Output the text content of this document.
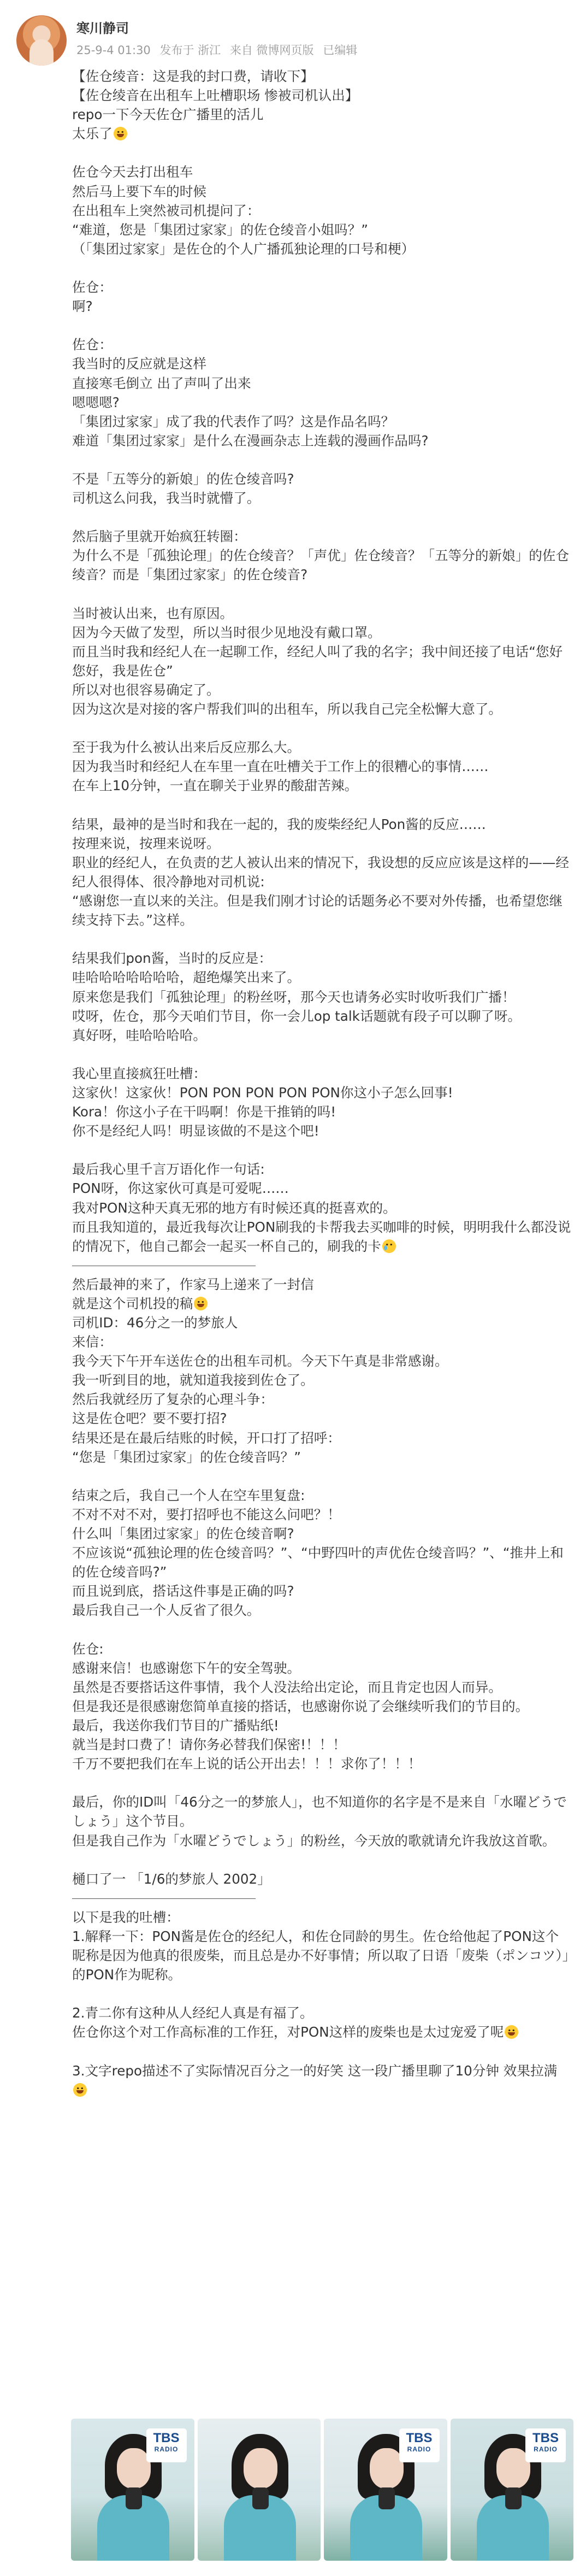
寒川静司
25-9-4 01:30 发布于 浙江 来自 微博网页版 已编辑
【佐仓绫音：这是我的封口费，请收下】
【佐仓绫音在出租车上吐槽职场 惨被司机认出】
repo一下今天佐仓广播里的活儿
太乐了
佐仓今天去打出租车
然后马上要下车的时候
在出租车上突然被司机提问了：
“难道，您是「集团过家家」的佐仓绫音小姐吗？”
（「集团过家家」是佐仓的个人广播孤独论理的口号和梗）
佐仓：
啊?
佐仓：
我当时的反应就是这样
直接寒毛倒立 出了声叫了出来
嗯嗯嗯?
「集团过家家」成了我的代表作了吗？这是作品名吗？
难道「集团过家家」是什么在漫画杂志上连载的漫画作品吗?
不是「五等分的新娘」的佐仓绫音吗?
司机这么问我，我当时就懵了。
然后脑子里就开始疯狂转圈：
为什么不是「孤独论理」的佐仓绫音？「声优」佐仓绫音？「五等分的新娘」的佐仓绫音？而是「集团过家家」的佐仓绫音?
当时被认出来，也有原因。
因为今天做了发型，所以当时很少见地没有戴口罩。
而且当时我和经纪人在一起聊工作，经纪人叫了我的名字；我中间还接了电话“您好您好，我是佐仓”
所以对也很容易确定了。
因为这次是对接的客户帮我们叫的出租车，所以我自己完全松懈大意了。
至于我为什么被认出来后反应那么大。
因为我当时和经纪人在车里一直在吐槽关于工作上的很糟心的事情……
在车上10分钟，一直在聊关于业界的酸甜苦辣。
结果，最神的是当时和我在一起的，我的废柴经纪人Pon酱的反应……
按理来说，按理来说呀。
职业的经纪人，在负责的艺人被认出来的情况下，我设想的反应应该是这样的——经纪人很得体、很冷静地对司机说:
“感谢您一直以来的关注。但是我们刚才讨论的话题务必不要对外传播，也希望您继续支持下去。”这样。
结果我们pon酱，当时的反应是：
哇哈哈哈哈哈哈哈，超绝爆笑出来了。
原来您是我们「孤独论理」的粉丝呀，那今天也请务必实时收听我们广播！
哎呀，佐仓，那今天咱们节目，你一会儿op talk话题就有段子可以聊了呀。
真好呀，哇哈哈哈哈。
我心里直接疯狂吐槽：
这家伙！这家伙！PON PON PON PON PON你这小子怎么回事!
Kora！你这小子在干吗啊！你是干推销的吗!
你不是经纪人吗！明显该做的不是这个吧!
最后我心里千言万语化作一句话:
PON呀，你这家伙可真是可爱呢……
我对PON这种天真无邪的地方有时候还真的挺喜欢的。
而且我知道的，最近我每次让PON刷我的卡帮我去买咖啡的时候，明明我什么都没说的情况下，他自己都会一起买一杯自己的，刷我的卡
然后最神的来了，作家马上递来了一封信
就是这个司机投的稿
司机ID：46分之一的梦旅人
来信：
我今天下午开车送佐仓的出租车司机。今天下午真是非常感谢。
我一听到目的地，就知道我接到佐仓了。
然后我就经历了复杂的心理斗争：
这是佐仓吧？要不要打招?
结果还是在最后结账的时候，开口打了招呼：
“您是「集团过家家」的佐仓绫音吗？”
结束之后，我自己一个人在空车里复盘:
不对不对不对，要打招呼也不能这么问吧？！
什么叫「集团过家家」的佐仓绫音啊?
不应该说“孤独论理的佐仓绫音吗？”、“中野四叶的声优佐仓绫音吗？”、“推井上和的佐仓绫音吗?”
而且说到底，搭话这件事是正确的吗?
最后我自己一个人反省了很久。
佐仓:
感谢来信！也感谢您下午的安全驾驶。
虽然是否要搭话这件事情，我个人没法给出定论，而且肯定也因人而异。
但是我还是很感谢您简单直接的搭话，也感谢你说了会继续听我们的节目的。
最后，我送你我们节目的广播贴纸!
就当是封口费了！请你务必替我们保密!！！！
千万不要把我们在车上说的话公开出去！！！求你了！！！
最后，你的ID叫「46分之一的梦旅人」，也不知道你的名字是不是来自「水曜どうでしょう」这个节目。
但是我自己作为「水曜どうでしょう」的粉丝，今天放的歌就请允许我放这首歌。
樋口了一 「1/6的梦旅人 2002」
以下是我的吐槽：
1.解释一下：PON酱是佐仓的经纪人，和佐仓同龄的男生。佐仓给他起了PON这个昵称是因为他真的很废柴，而且总是办不好事情；所以取了日语「废柴（ポンコツ）」的PON作为昵称。
2.青二你有这种从人经纪人真是有福了。
佐仓你这个对工作高标准的工作狂，对PON这样的废柴也是太过宠爱了呢
3.文字repo描述不了实际情况百分之一的好笑 这一段广播里聊了10分钟 效果拉满
TBS
RADIO
TBS
RADIO
TBS
RADIO
